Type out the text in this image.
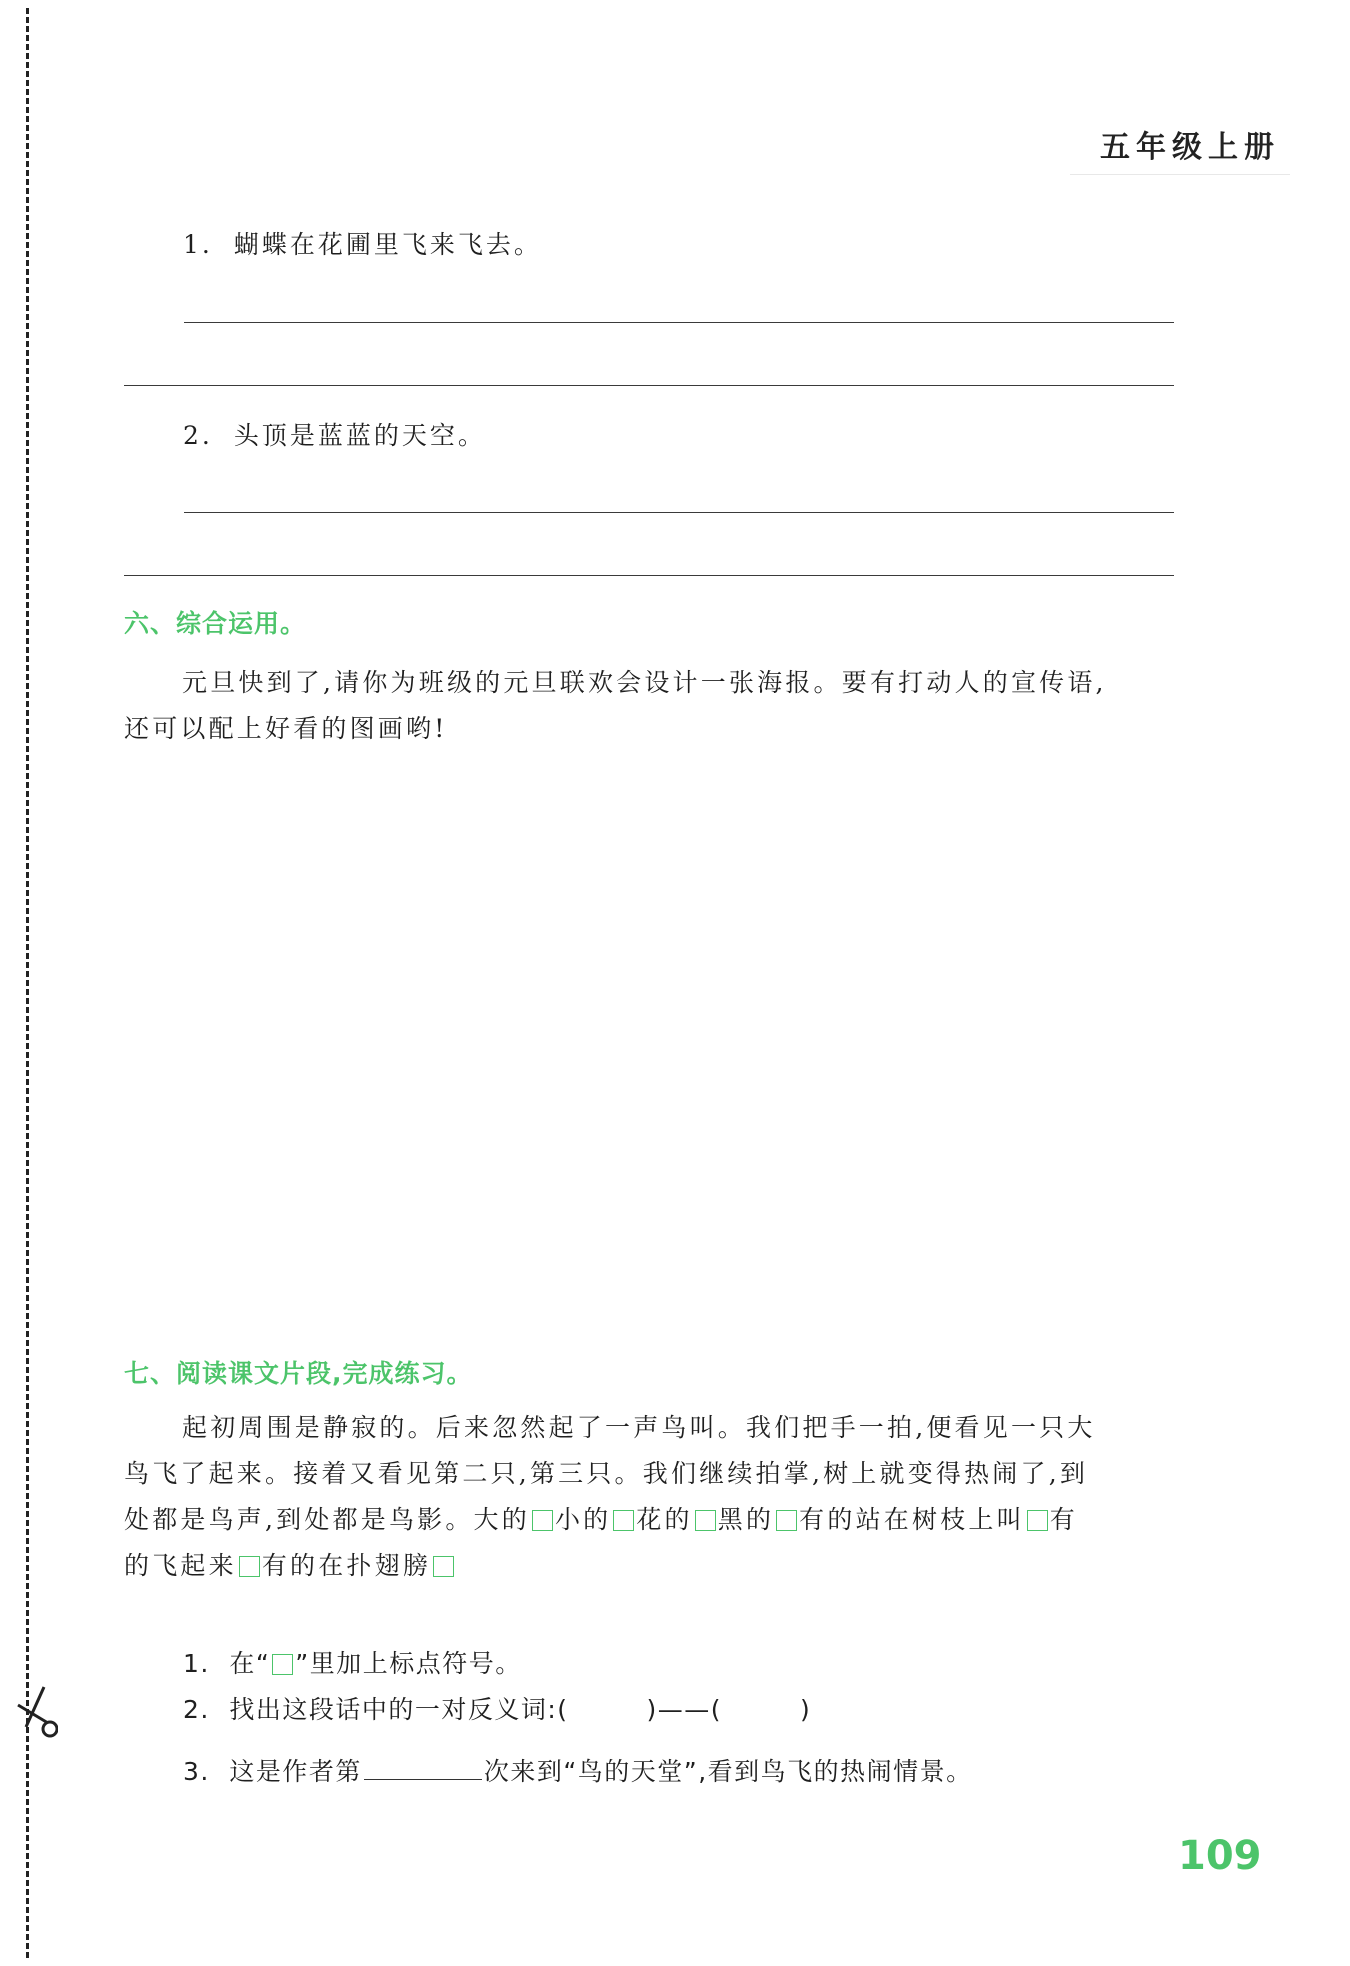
五年级上册
1. 蝴蝶在花圃里飞来飞去。
2. 头顶是蓝蓝的天空。
六、综合运用。
元旦快到了,请你为班级的元旦联欢会设计一张海报。要有打动人的宣传语,
还可以配上好看的图画哟!
七、阅读课文片段,完成练习。
起初周围是静寂的。后来忽然起了一声鸟叫。我们把手一拍,便看见一只大
鸟飞了起来。接着又看见第二只,第三只。我们继续拍掌,树上就变得热闹了,到
处都是鸟声,到处都是鸟影。大的 小的 花的 黑的 有的站在树枝上叫 有
的飞起来 有的在扑翅膀
1. 在“ ”里加上标点符号。
2. 找出这段话中的一对反义词:(	)——(	)
3. 这是作者第	次来到“鸟的天堂”,看到鸟飞的热闹情景。
109
